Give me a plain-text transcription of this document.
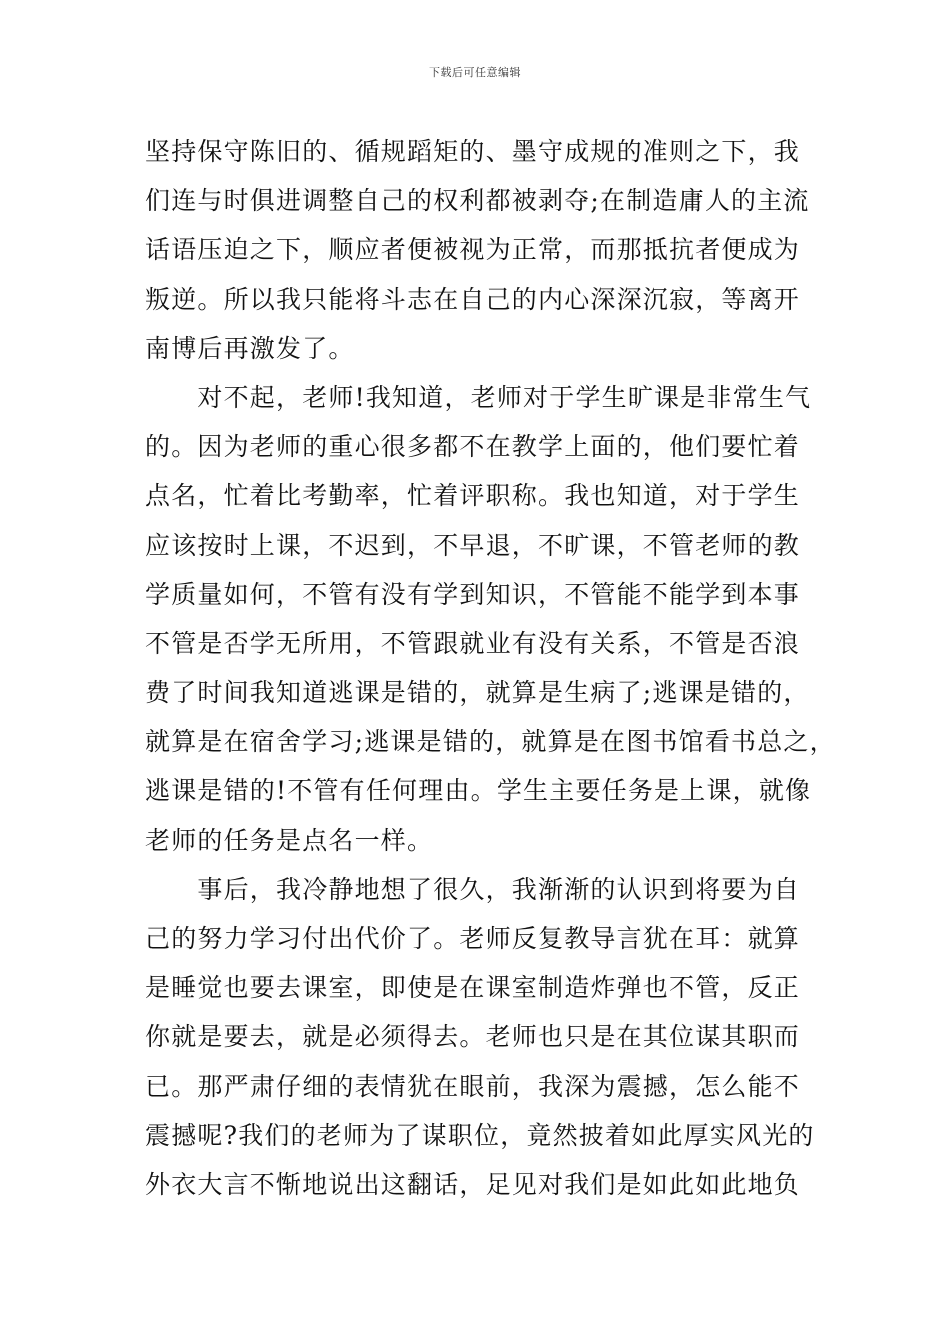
下载后可任意编辑
坚持保守陈旧的、循规蹈矩的、墨守成规的准则之下，我
们连与时俱进调整自己的权利都被剥夺;在制造庸人的主流
话语压迫之下，顺应者便被视为正常，而那抵抗者便成为
叛逆。所以我只能将斗志在自己的内心深深沉寂，等离开
南博后再激发了。
　　对不起，老师!我知道，老师对于学生旷课是非常生气
的。因为老师的重心很多都不在教学上面的，他们要忙着
点名，忙着比考勤率，忙着评职称。我也知道，对于学生
应该按时上课，不迟到，不早退，不旷课，不管老师的教
学质量如何，不管有没有学到知识，不管能不能学到本事
不管是否学无所用，不管跟就业有没有关系，不管是否浪
费了时间我知道逃课是错的，就算是生病了;逃课是错的，
就算是在宿舍学习;逃课是错的，就算是在图书馆看书总之，
逃课是错的!不管有任何理由。学生主要任务是上课，就像
老师的任务是点名一样。
　　事后，我冷静地想了很久，我渐渐的认识到将要为自
己的努力学习付出代价了。老师反复教导言犹在耳：就算
是睡觉也要去课室，即使是在课室制造炸弹也不管，反正
你就是要去，就是必须得去。老师也只是在其位谋其职而
已。那严肃仔细的表情犹在眼前，我深为震撼，怎么能不
震撼呢?我们的老师为了谋职位，竟然披着如此厚实风光的
外衣大言不惭地说出这翻话，足见对我们是如此如此地负
